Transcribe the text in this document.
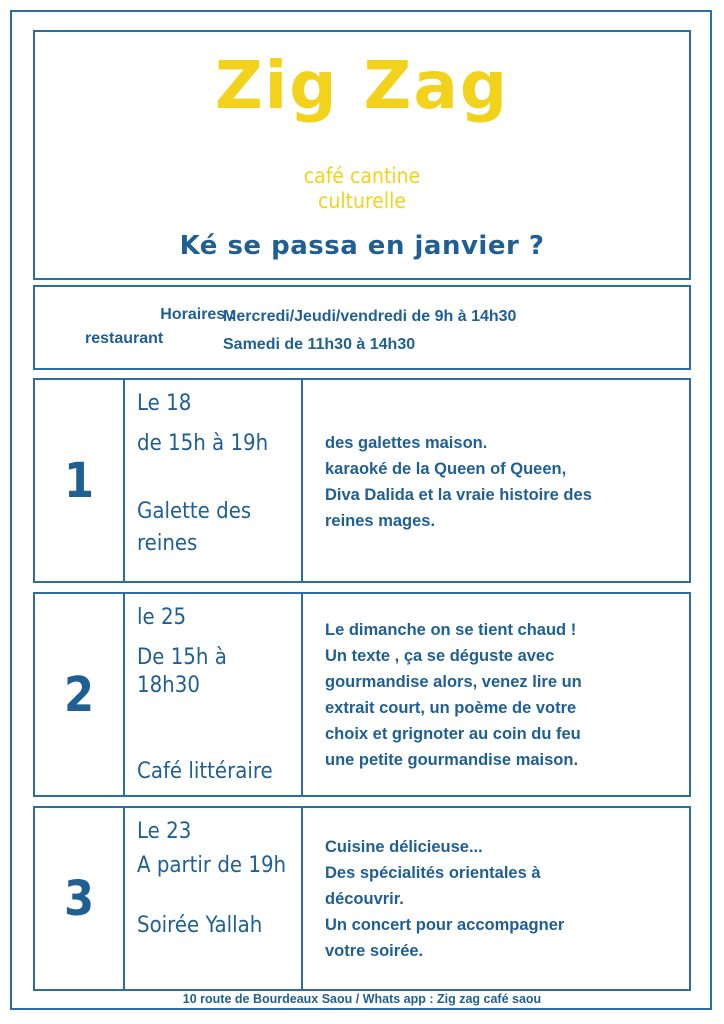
Zig Zag
café cantine
culturelle
Ké se passa en janvier ?
Horaires :
restaurant
Mercredi/Jeudi/vendredi de 9h à 14h30
Samedi de 11h30 à 14h30
1
Le 18
de 15h à 19h
Galette des
reines
des galettes maison.
karaoké de la Queen of Queen,
Diva Dalida et la vraie histoire des
reines mages.
2
le 25
De 15h à 18h30
Café littéraire
Le dimanche on se tient chaud !
Un texte , ça se déguste avec
gourmandise alors, venez lire un
extrait court, un poème de votre
choix et grignoter au coin du feu
une petite gourmandise maison.
3
Le 23
A partir de 19h
Soirée Yallah
Cuisine délicieuse...
Des spécialités orientales à
découvrir.
Un concert pour accompagner
votre soirée.
10 route de Bourdeaux Saou / Whats app : Zig zag café saou
